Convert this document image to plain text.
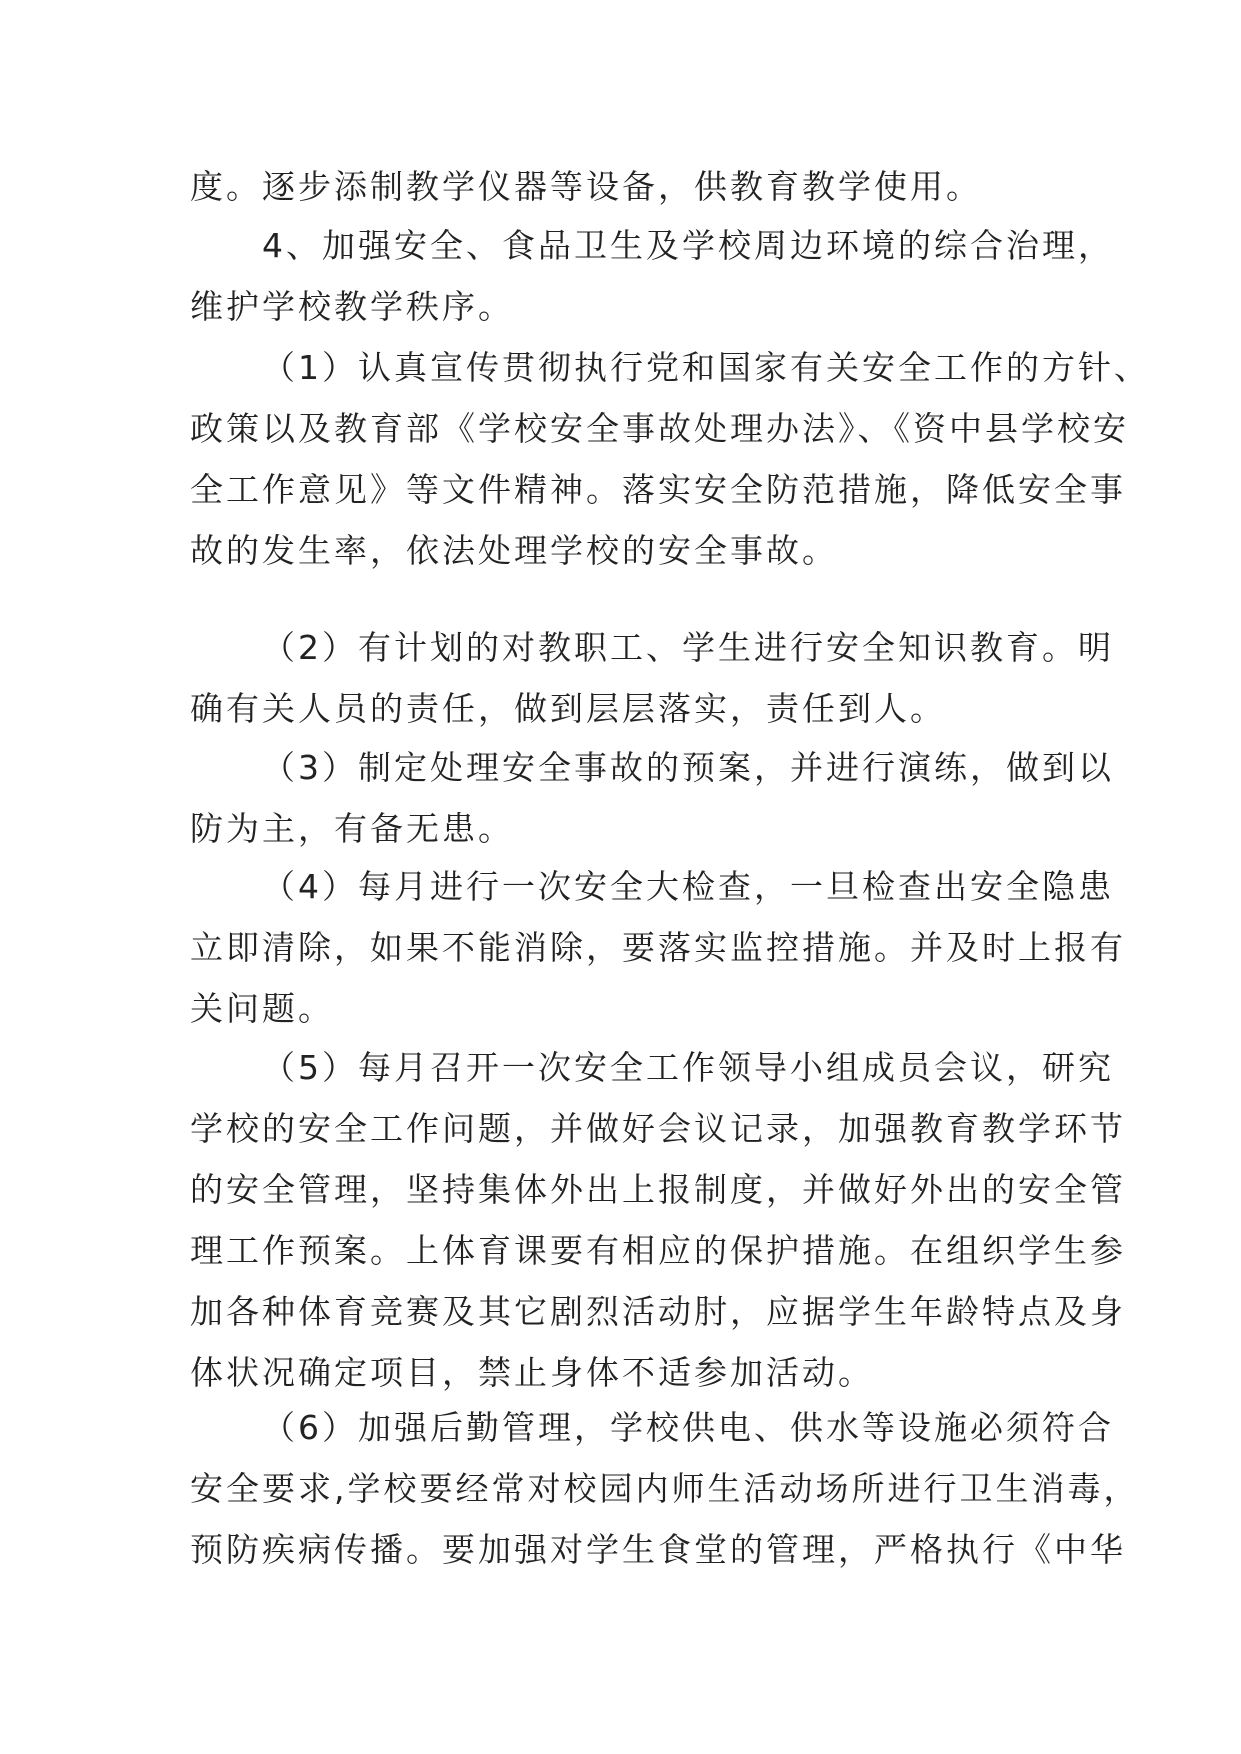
度。逐步添制教学仪器等设备，供教育教学使用。
4、加强安全、食品卫生及学校周边环境的综合治理，
维护学校教学秩序。
（1）认真宣传贯彻执行党和国家有关安全工作的方针、
政策以及教育部《学校安全事故处理办法》、《资中县学校安
全工作意见》等文件精神。落实安全防范措施，降低安全事
故的发生率，依法处理学校的安全事故。
（2）有计划的对教职工、学生进行安全知识教育。明
确有关人员的责任，做到层层落实，责任到人。
（3）制定处理安全事故的预案，并进行演练，做到以
防为主，有备无患。
（4）每月进行一次安全大检查，一旦检查出安全隐患
立即清除，如果不能消除，要落实监控措施。并及时上报有
关问题。
（5）每月召开一次安全工作领导小组成员会议，研究
学校的安全工作问题，并做好会议记录，加强教育教学环节
的安全管理，坚持集体外出上报制度，并做好外出的安全管
理工作预案。上体育课要有相应的保护措施。在组织学生参
加各种体育竞赛及其它剧烈活动肘，应据学生年龄特点及身
体状况确定项目，禁止身体不适参加活动。
（6）加强后勤管理，学校供电、供水等设施必须符合
安全要求,学校要经常对校园内师生活动场所进行卫生消毒，
预防疾病传播。要加强对学生食堂的管理，严格执行《中华
